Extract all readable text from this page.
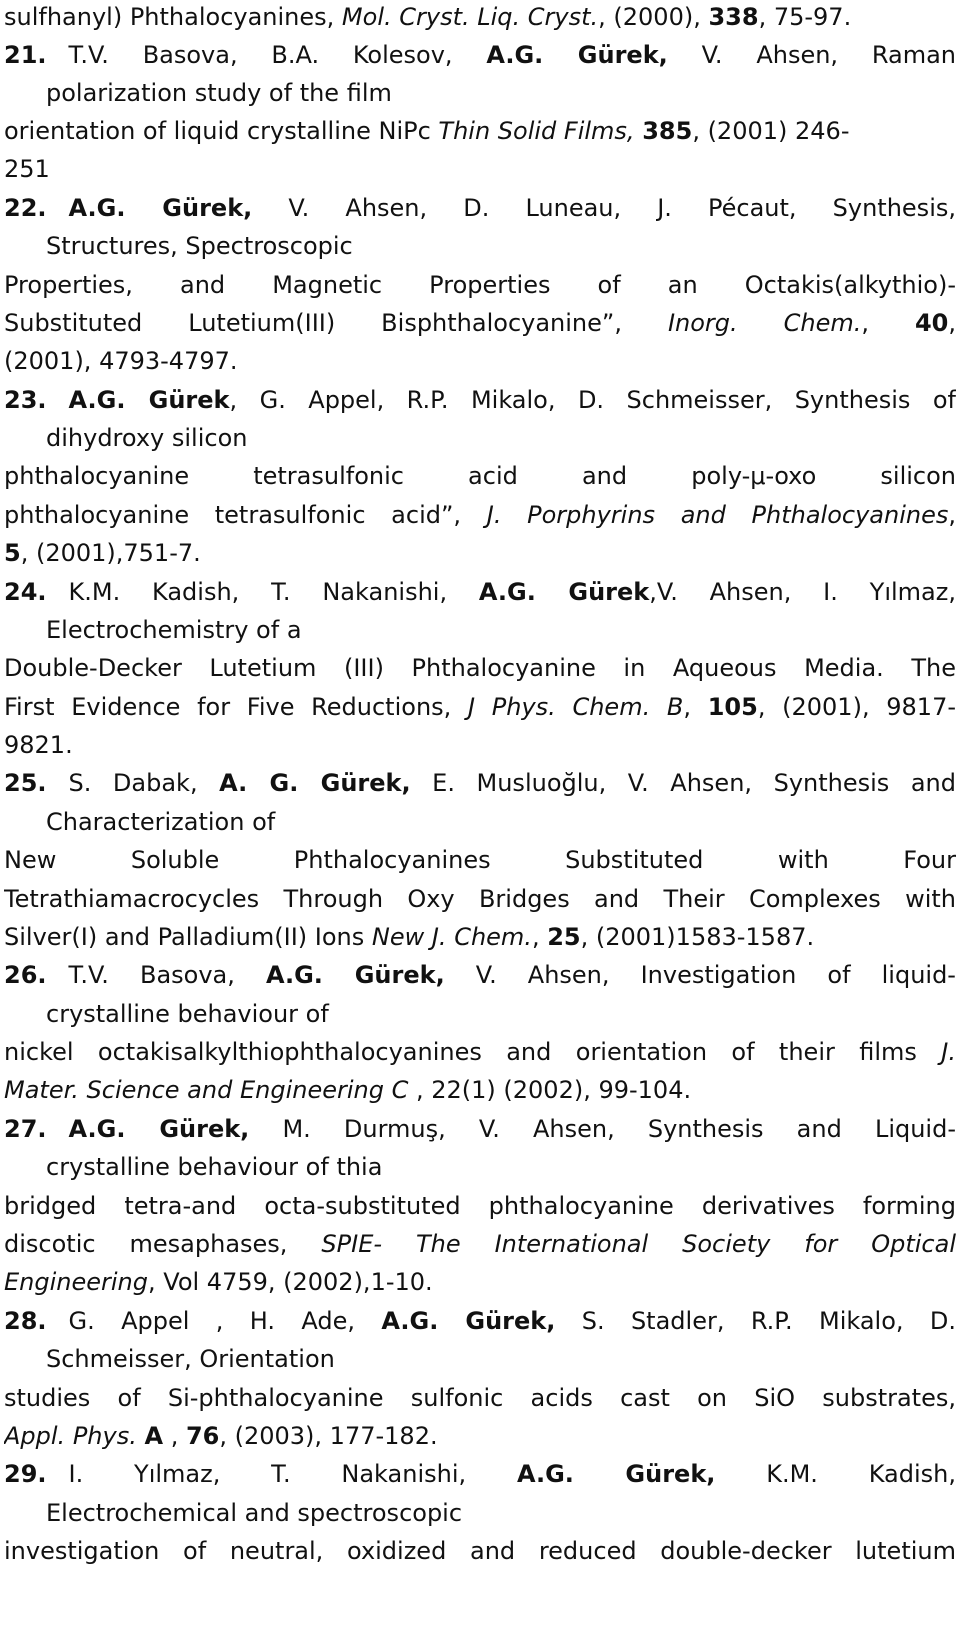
sulfhanyl) Phthalocyanines, Mol. Cryst. Liq. Cryst., (2000), 338, 75-97.
21. T.V. Basova, B.A. Kolesov, A.G. Gürek, V. Ahsen, Raman
polarization study of the film
orientation of liquid crystalline NiPc Thin Solid Films, 385, (2001) 246-
251
22. A.G. Gürek, V. Ahsen, D. Luneau, J. Pécaut, Synthesis,
Structures, Spectroscopic
Properties, and Magnetic Properties of an Octakis(alkythio)-
Substituted Lutetium(III) Bisphthalocyanine”, Inorg. Chem., 40,
(2001), 4793-4797.
23. A.G. Gürek, G. Appel, R.P. Mikalo, D. Schmeisser, Synthesis of
dihydroxy silicon
phthalocyanine tetrasulfonic acid and poly-μ-oxo silicon
phthalocyanine tetrasulfonic acid”, J. Porphyrins and Phthalocyanines,
5, (2001),751-7.
24. K.M. Kadish, T. Nakanishi, A.G. Gürek,V. Ahsen, I. Yılmaz,
Electrochemistry of a
Double-Decker Lutetium (III) Phthalocyanine in Aqueous Media. The
First Evidence for Five Reductions, J Phys. Chem. B, 105, (2001), 9817-
9821.
25. S. Dabak, A. G. Gürek, E. Musluoğlu, V. Ahsen, Synthesis and
Characterization of
New Soluble Phthalocyanines Substituted with Four
Tetrathiamacrocycles Through Oxy Bridges and Their Complexes with
Silver(I) and Palladium(II) Ions New J. Chem., 25, (2001)1583-1587.
26. T.V. Basova, A.G. Gürek, V. Ahsen, Investigation of liquid-
crystalline behaviour of
nickel octakisalkylthiophthalocyanines and orientation of their films J.
Mater. Science and Engineering C , 22(1) (2002), 99-104.
27. A.G. Gürek, M. Durmuş, V. Ahsen, Synthesis and Liquid-
crystalline behaviour of thia
bridged tetra-and octa-substituted phthalocyanine derivatives forming
discotic mesaphases, SPIE- The International Society for Optical
Engineering, Vol 4759, (2002),1-10.
28. G. Appel , H. Ade, A.G. Gürek, S. Stadler, R.P. Mikalo, D.
Schmeisser, Orientation
studies of Si-phthalocyanine sulfonic acids cast on SiO substrates,
Appl. Phys. A , 76, (2003), 177-182.
29. I. Yılmaz, T. Nakanishi, A.G. Gürek, K.M. Kadish,
Electrochemical and spectroscopic
investigation of neutral, oxidized and reduced double-decker lutetium
